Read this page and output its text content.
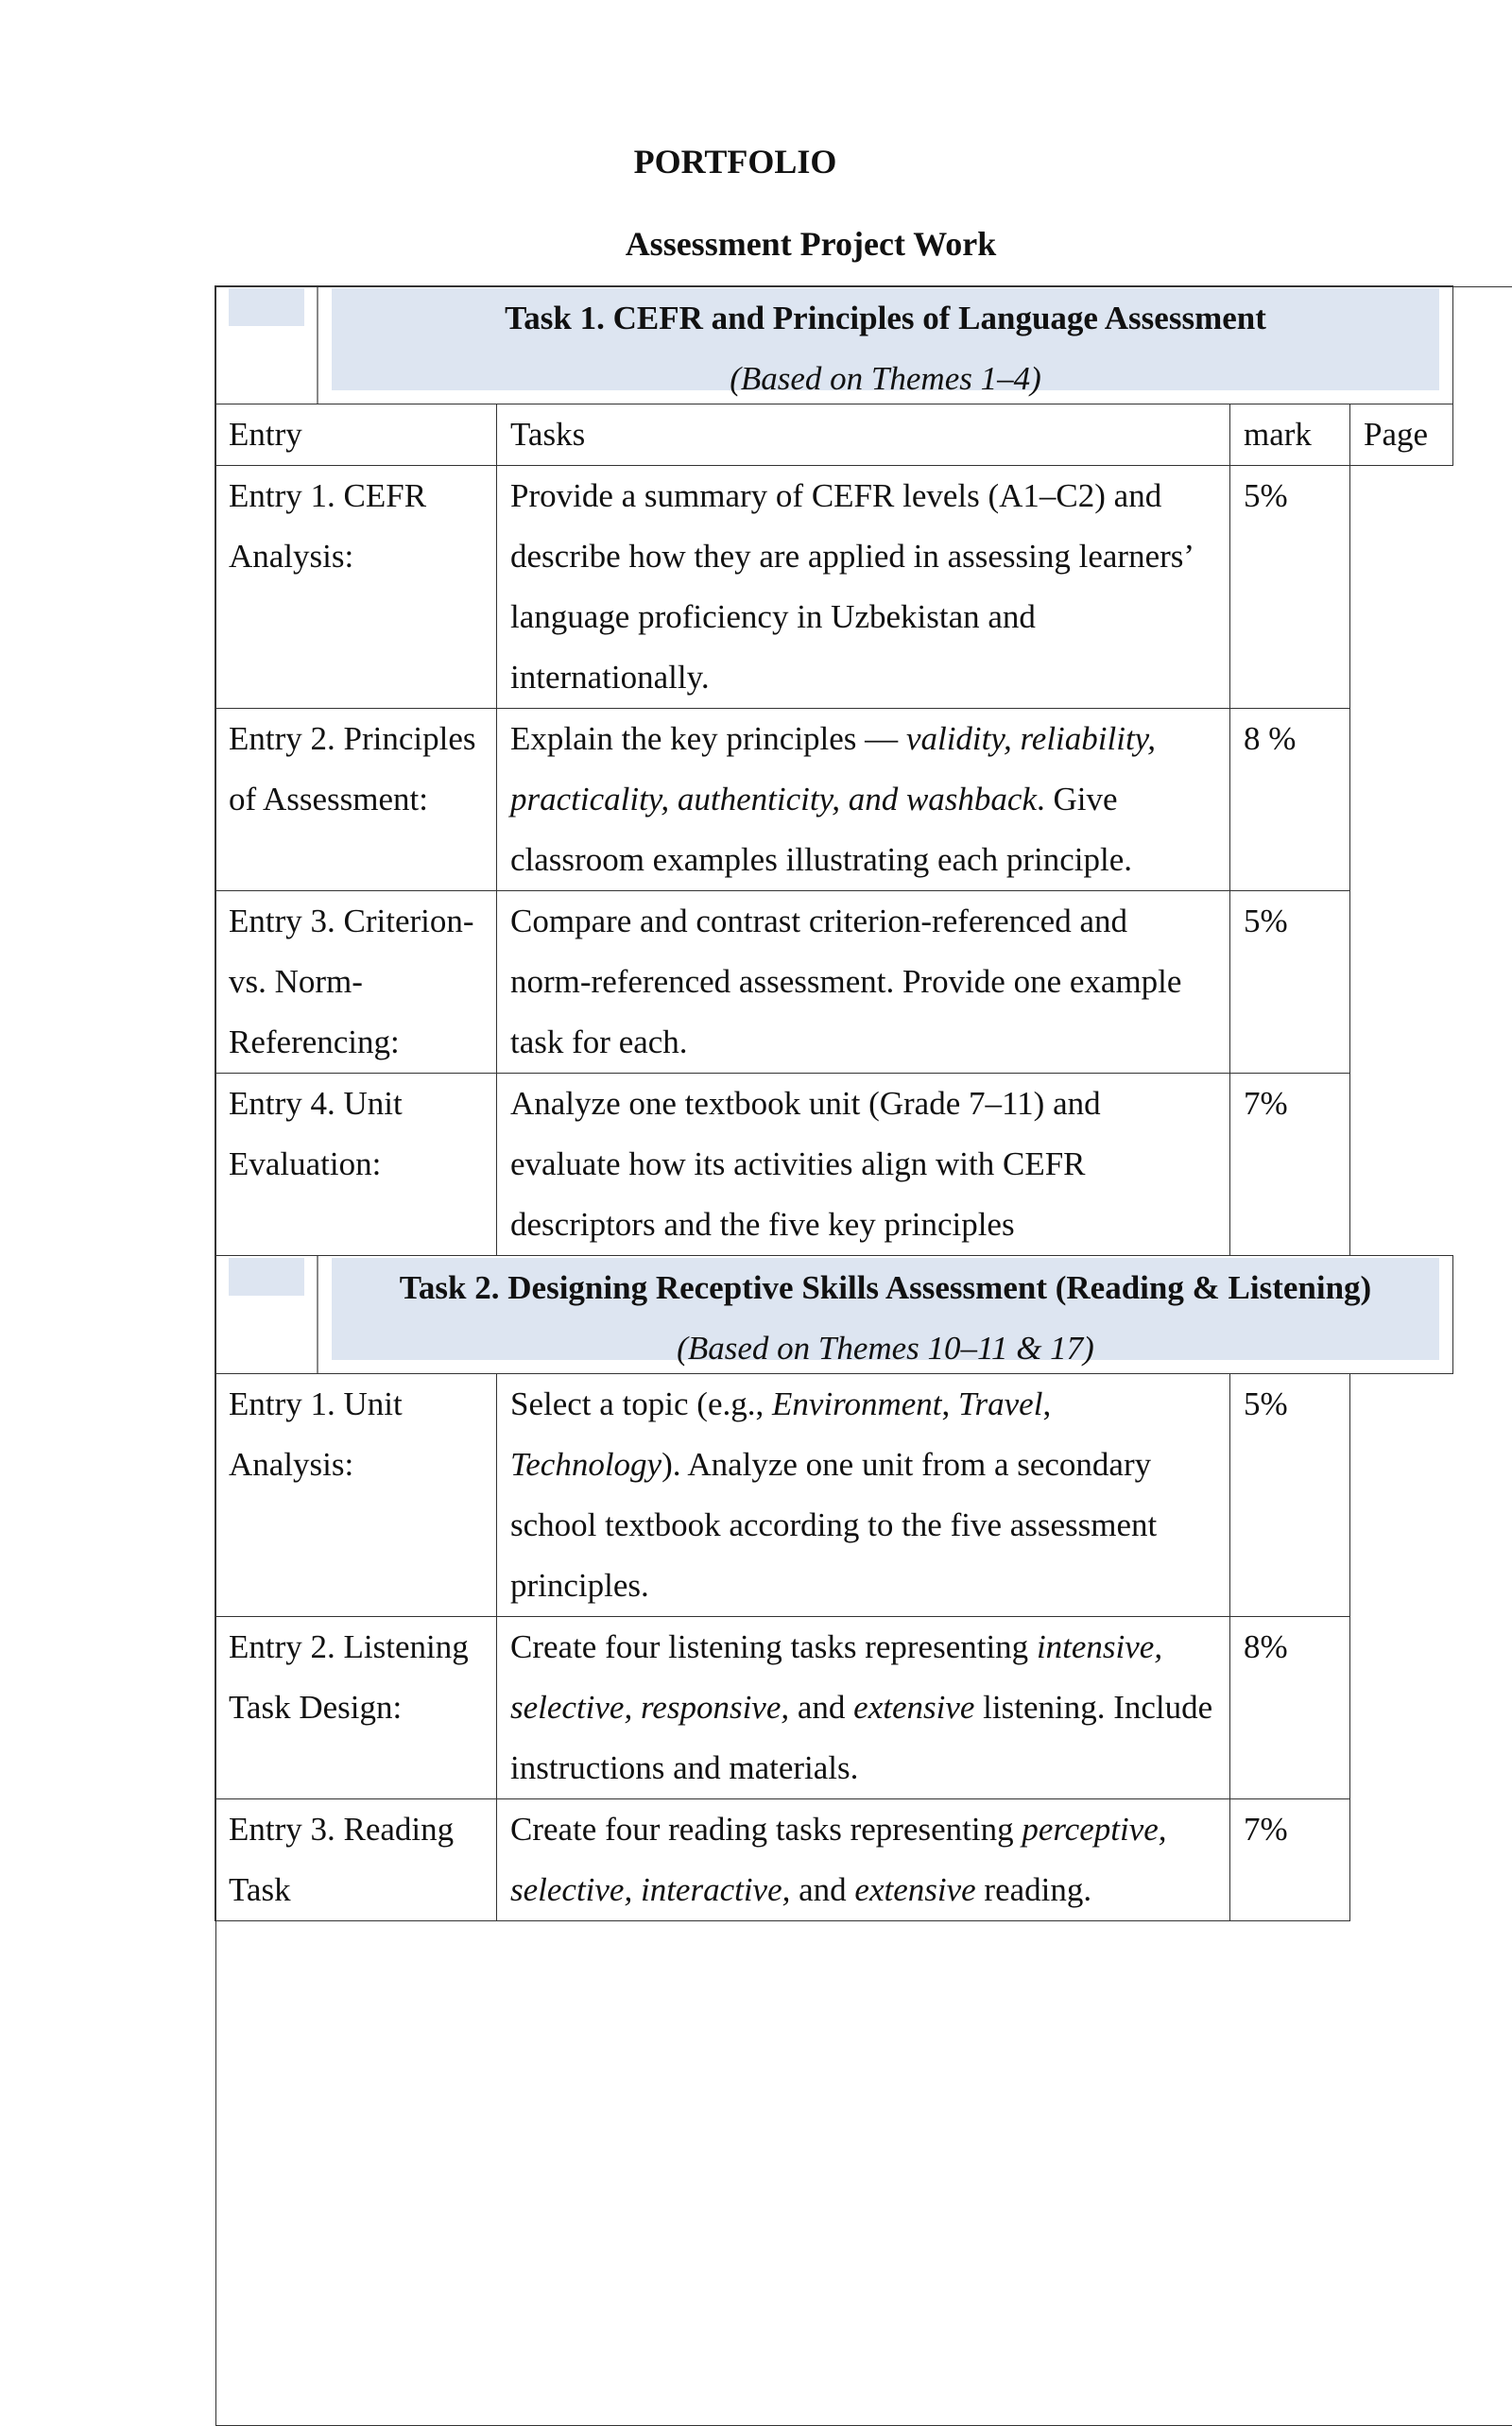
PORTFOLIO
Assessment Project Work
Task 1. CEFR and Principles of Language Assessment
(Based on Themes 1–4)			

Entry	Tasks	mark	Page
Entry 1. CEFR Analysis:	Provide a summary of CEFR levels (A1–C2) and describe how they are applied in assessing learners’ language proficiency in Uzbekistan and internationally.	5%	

Entry 2. Principles of Assessment:	Explain the key principles — validity, reliability, practicality, authenticity, and washback. Give classroom examples illustrating each principle.	8 %	

Entry 3. Criterion- vs. Norm-Referencing:	Compare and contrast criterion-referenced and norm-referenced assessment. Provide one example task for each.	5%	

Entry 4. Unit Evaluation:	Analyze one textbook unit (Grade 7–11) and evaluate how its activities align with CEFR descriptors and the five key principles	7%	

Task 2. Designing Receptive Skills Assessment (Reading & Listening)
(Based on Themes 10–11 & 17)			

Entry 1. Unit Analysis:	Select a topic (e.g., Environment, Travel, Technology). Analyze one unit from a secondary school textbook according to the five assessment principles.	5%	

Entry 2. Listening Task Design:	Create four listening tasks representing intensive, selective, responsive, and extensive listening. Include instructions and materials.	8%	

Entry 3. Reading Task	Create four reading tasks representing perceptive, selective, interactive, and extensive reading.	7%	
